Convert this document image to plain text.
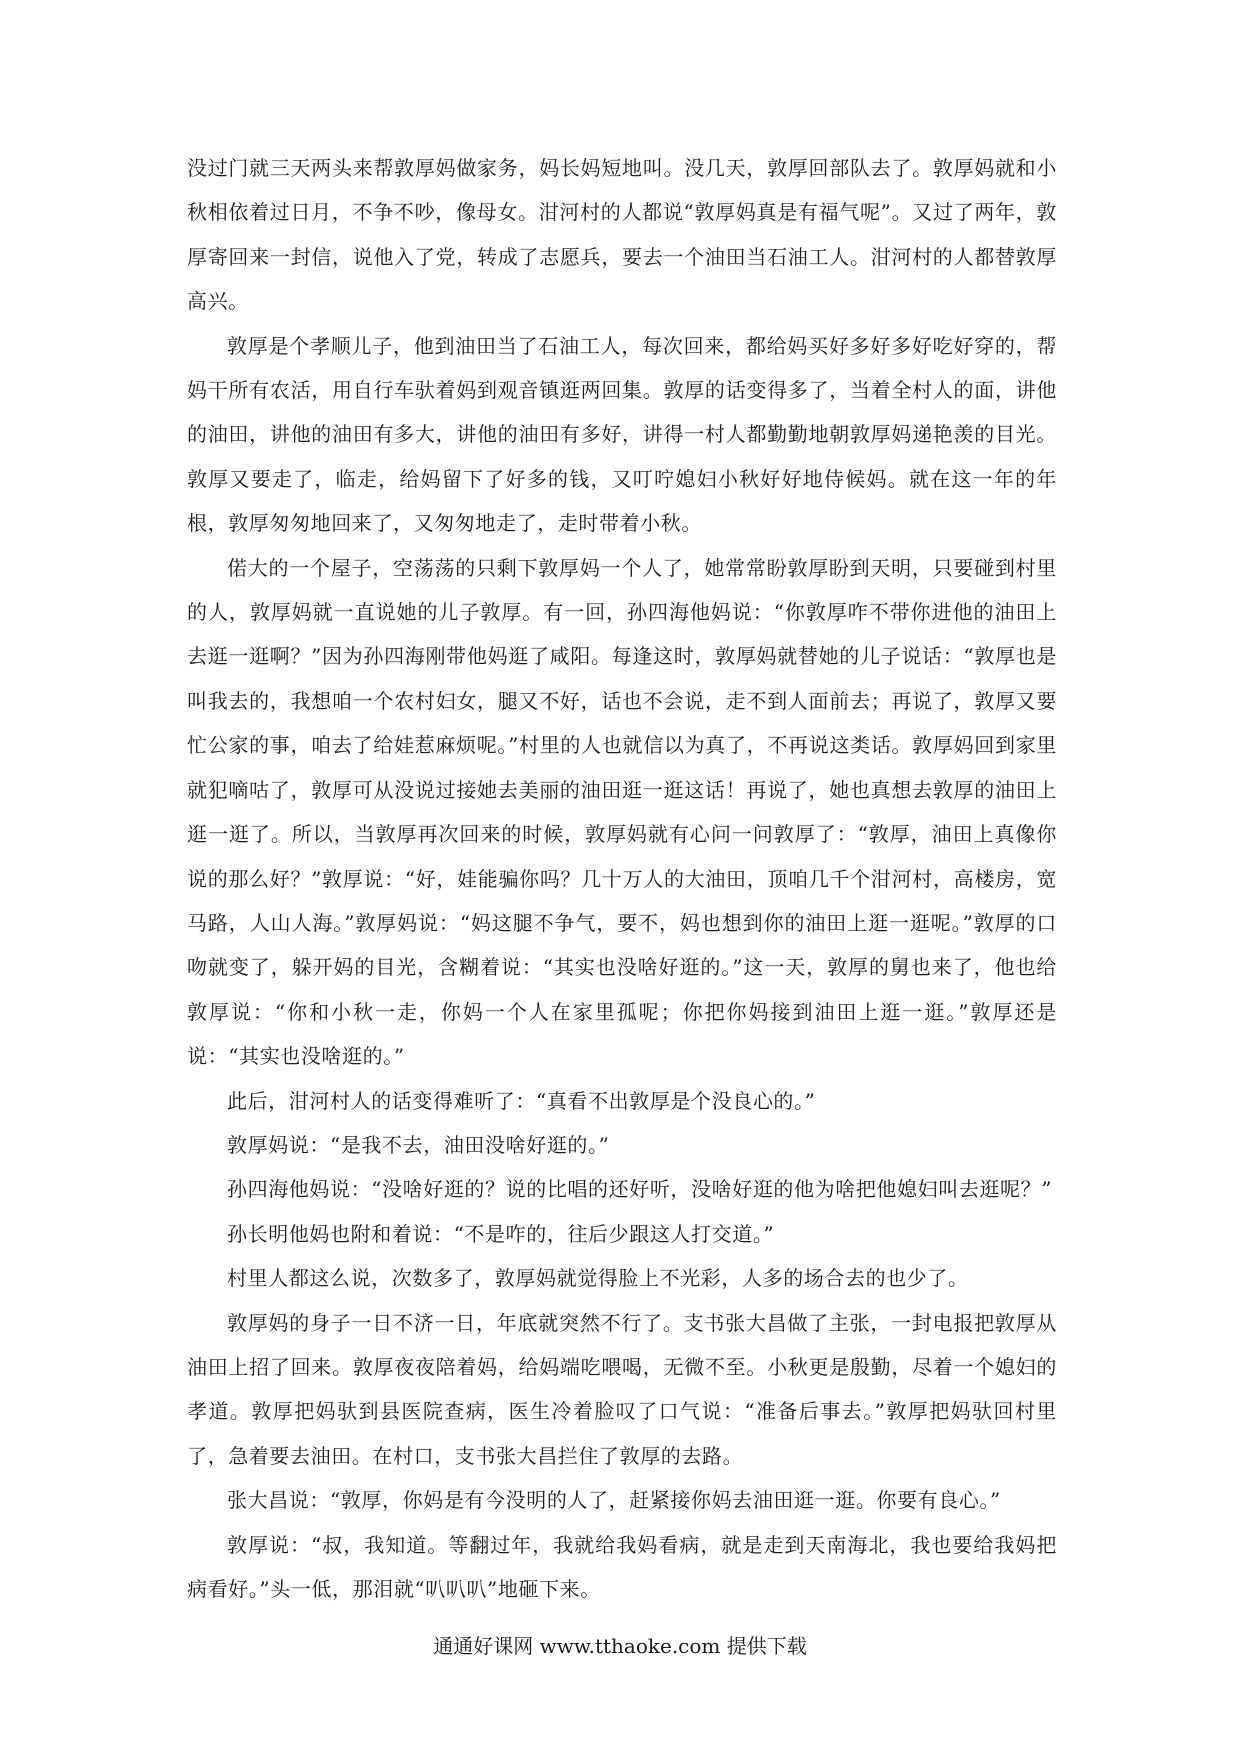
没过门就三天两头来帮敦厚妈做家务，妈长妈短地叫。没几天，敦厚回部队去了。敦厚妈就和小秋相依着过日月，不争不吵，像母女。泔河村的人都说“敦厚妈真是有福气呢”。又过了两年，敦厚寄回来一封信，说他入了党，转成了志愿兵，要去一个油田当石油工人。泔河村的人都替敦厚高兴。

敦厚是个孝顺儿子，他到油田当了石油工人，每次回来，都给妈买好多好多好吃好穿的，帮妈干所有农活，用自行车驮着妈到观音镇逛两回集。敦厚的话变得多了，当着全村人的面，讲他的油田，讲他的油田有多大，讲他的油田有多好，讲得一村人都勤勤地朝敦厚妈递艳羡的目光。敦厚又要走了，临走，给妈留下了好多的钱，又叮咛媳妇小秋好好地侍候妈。就在这一年的年根，敦厚匆匆地回来了，又匆匆地走了，走时带着小秋。

偌大的一个屋子，空荡荡的只剩下敦厚妈一个人了，她常常盼敦厚盼到天明，只要碰到村里的人，敦厚妈就一直说她的儿子敦厚。有一回，孙四海他妈说：“你敦厚咋不带你进他的油田上去逛一逛啊？”因为孙四海刚带他妈逛了咸阳。每逢这时，敦厚妈就替她的儿子说话：“敦厚也是叫我去的，我想咱一个农村妇女，腿又不好，话也不会说，走不到人面前去；再说了，敦厚又要忙公家的事，咱去了给娃惹麻烦呢。”村里的人也就信以为真了，不再说这类话。敦厚妈回到家里就犯嘀咕了，敦厚可从没说过接她去美丽的油田逛一逛这话！再说了，她也真想去敦厚的油田上逛一逛了。所以，当敦厚再次回来的时候，敦厚妈就有心问一问敦厚了：“敦厚，油田上真像你说的那么好？”敦厚说：“好，娃能骗你吗？几十万人的大油田，顶咱几千个泔河村，高楼房，宽马路，人山人海。”敦厚妈说：“妈这腿不争气，要不，妈也想到你的油田上逛一逛呢。”敦厚的口吻就变了，躲开妈的目光，含糊着说：“其实也没啥好逛的。”这一天，敦厚的舅也来了，他也给敦厚说：“你和小秋一走，你妈一个人在家里孤呢；你把你妈接到油田上逛一逛。”敦厚还是说：“其实也没啥逛的。”

此后，泔河村人的话变得难听了：“真看不出敦厚是个没良心的。”

敦厚妈说：“是我不去，油田没啥好逛的。”

孙四海他妈说：“没啥好逛的？说的比唱的还好听，没啥好逛的他为啥把他媳妇叫去逛呢？”

孙长明他妈也附和着说：“不是咋的，往后少跟这人打交道。”

村里人都这么说，次数多了，敦厚妈就觉得脸上不光彩，人多的场合去的也少了。

敦厚妈的身子一日不济一日，年底就突然不行了。支书张大昌做了主张，一封电报把敦厚从油田上招了回来。敦厚夜夜陪着妈，给妈端吃喂喝，无微不至。小秋更是殷勤，尽着一个媳妇的孝道。敦厚把妈驮到县医院查病，医生冷着脸叹了口气说：“准备后事去。”敦厚把妈驮回村里了，急着要去油田。在村口，支书张大昌拦住了敦厚的去路。

张大昌说：“敦厚，你妈是有今没明的人了，赶紧接你妈去油田逛一逛。你要有良心。”

敦厚说：“叔，我知道。等翻过年，我就给我妈看病，就是走到天南海北，我也要给我妈把病看好。”头一低，那泪就“叭叭叭”地砸下来。

通通好课网 www.tthaoke.com 提供下载
